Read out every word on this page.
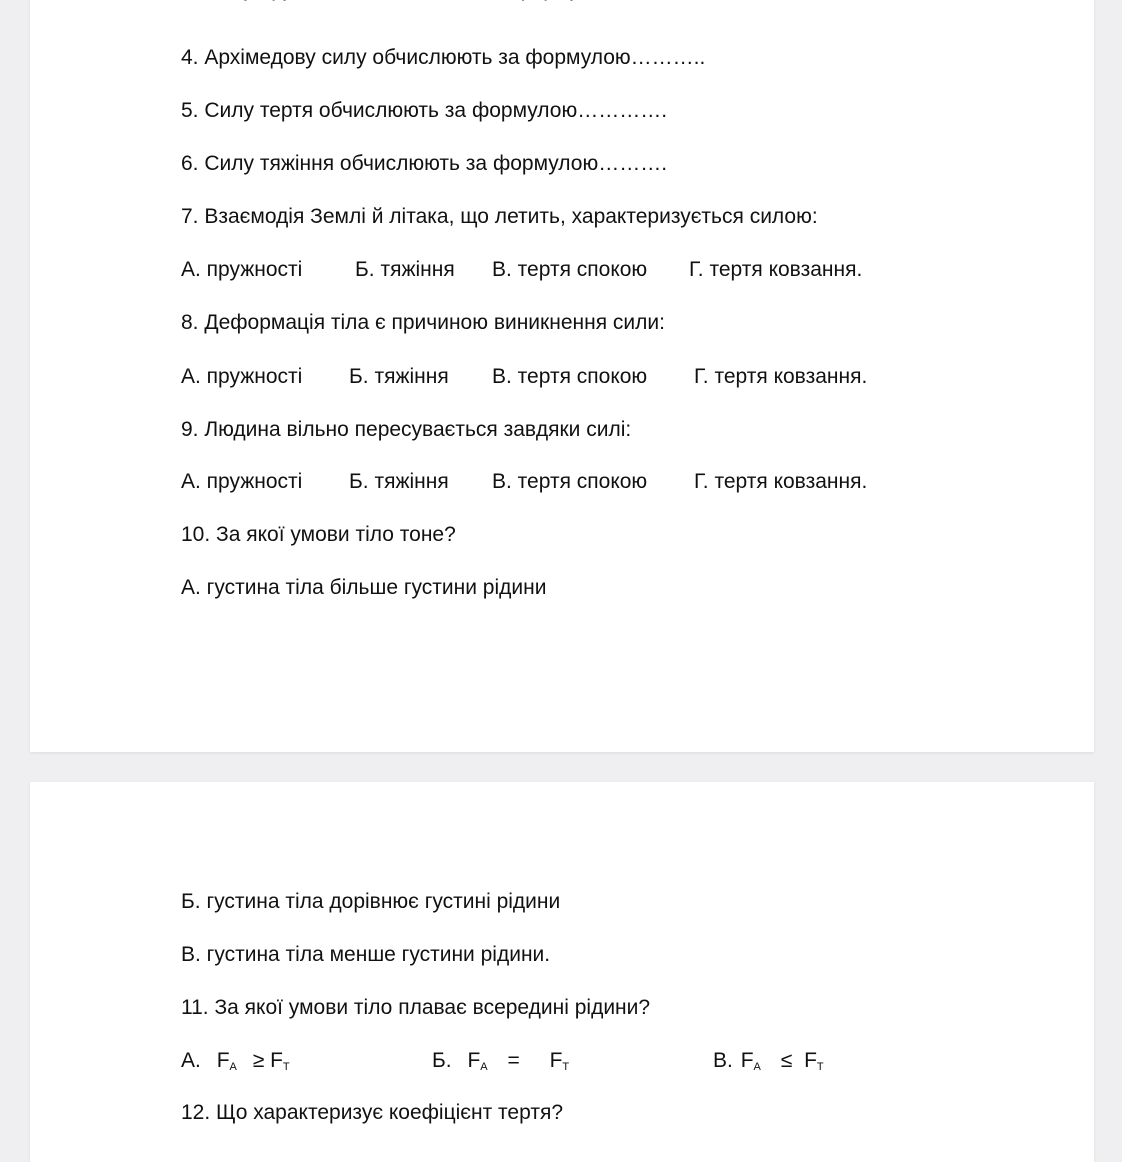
4. Архімедову силу обчислюють за формулою………..
5. Силу тертя обчислюють за формулою………….
6. Силу тяжіння обчислюють за формулою……….
7. Взаємодія Землі й літака, що летить, характеризується силою:
А. пружності	Б. тяжіння В. тертя спокою Г. тертя ковзання.
8. Деформація тіла є причиною виникнення сили:
А. пружності Б. тяжіння В. тертя спокою Г. тертя ковзання.
9. Людина вільно пересувається завдяки силі:
А. пружності Б. тяжіння В. тертя спокою Г. тертя ковзання.
10. За якої умови тіло тоне?
А. густина тіла більше густини рідини
Б. густина тіла дорівнює густині рідини
В. густина тіла менше густини рідини.
11. За якої умови тіло плаває всередині рідини?
А. $F_A \ge F_T$	Б. $F_A = F_T$	В. $F_A \le F_T$
12. Що характеризує коефіцієнт тертя?
